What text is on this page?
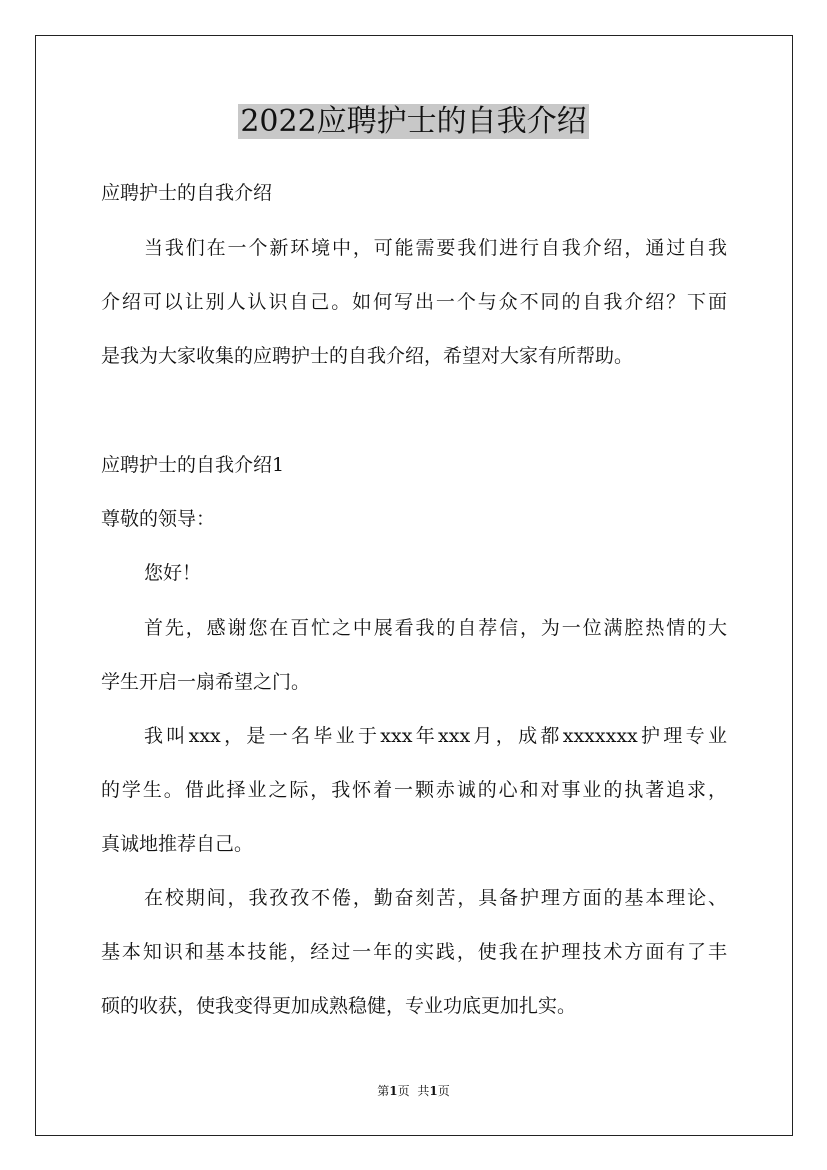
2022应聘护士的自我介绍
应聘护士的自我介绍
当我们在一个新环境中，可能需要我们进行自我介绍，通过自我
介绍可以让别人认识自己。如何写出一个与众不同的自我介绍？下面
是我为大家收集的应聘护士的自我介绍，希望对大家有所帮助。
应聘护士的自我介绍1
尊敬的领导：
您好！
首先，感谢您在百忙之中展看我的自荐信，为一位满腔热情的大
学生开启一扇希望之门。
我叫xxx，是一名毕业于xxx年xxx月，成都xxxxxxx护理专业
的学生。借此择业之际，我怀着一颗赤诚的心和对事业的执著追求，
真诚地推荐自己。
在校期间，我孜孜不倦，勤奋刻苦，具备护理方面的基本理论、
基本知识和基本技能，经过一年的实践，使我在护理技术方面有了丰
硕的收获，使我变得更加成熟稳健，专业功底更加扎实。
第1页 共1页
